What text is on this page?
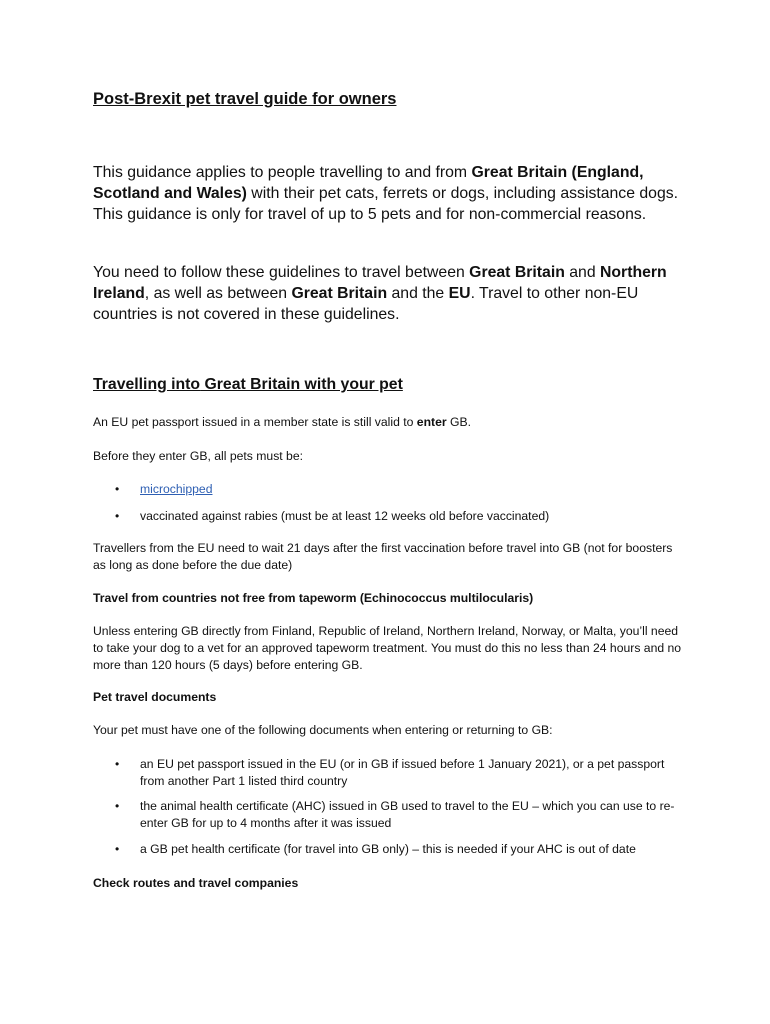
Post-Brexit pet travel guide for owners

This guidance applies to people travelling to and from Great Britain (England, Scotland and Wales) with their pet cats, ferrets or dogs, including assistance dogs. This guidance is only for travel of up to 5 pets and for non-commercial reasons.

You need to follow these guidelines to travel between Great Britain and Northern Ireland, as well as between Great Britain and the EU. Travel to other non-EU countries is not covered in these guidelines.

Travelling into Great Britain with your pet

An EU pet passport issued in a member state is still valid to enter GB.

Before they enter GB, all pets must be:

• microchipped
• vaccinated against rabies (must be at least 12 weeks old before vaccinated)

Travellers from the EU need to wait 21 days after the first vaccination before travel into GB (not for boosters as long as done before the due date)

Travel from countries not free from tapeworm (Echinococcus multilocularis)

Unless entering GB directly from Finland, Republic of Ireland, Northern Ireland, Norway, or Malta, you’ll need to take your dog to a vet for an approved tapeworm treatment. You must do this no less than 24 hours and no more than 120 hours (5 days) before entering GB.

Pet travel documents

Your pet must have one of the following documents when entering or returning to GB:

• an EU pet passport issued in the EU (or in GB if issued before 1 January 2021), or a pet passport from another Part 1 listed third country
• the animal health certificate (AHC) issued in GB used to travel to the EU – which you can use to re-enter GB for up to 4 months after it was issued
• a GB pet health certificate (for travel into GB only) – this is needed if your AHC is out of date

Check routes and travel companies
